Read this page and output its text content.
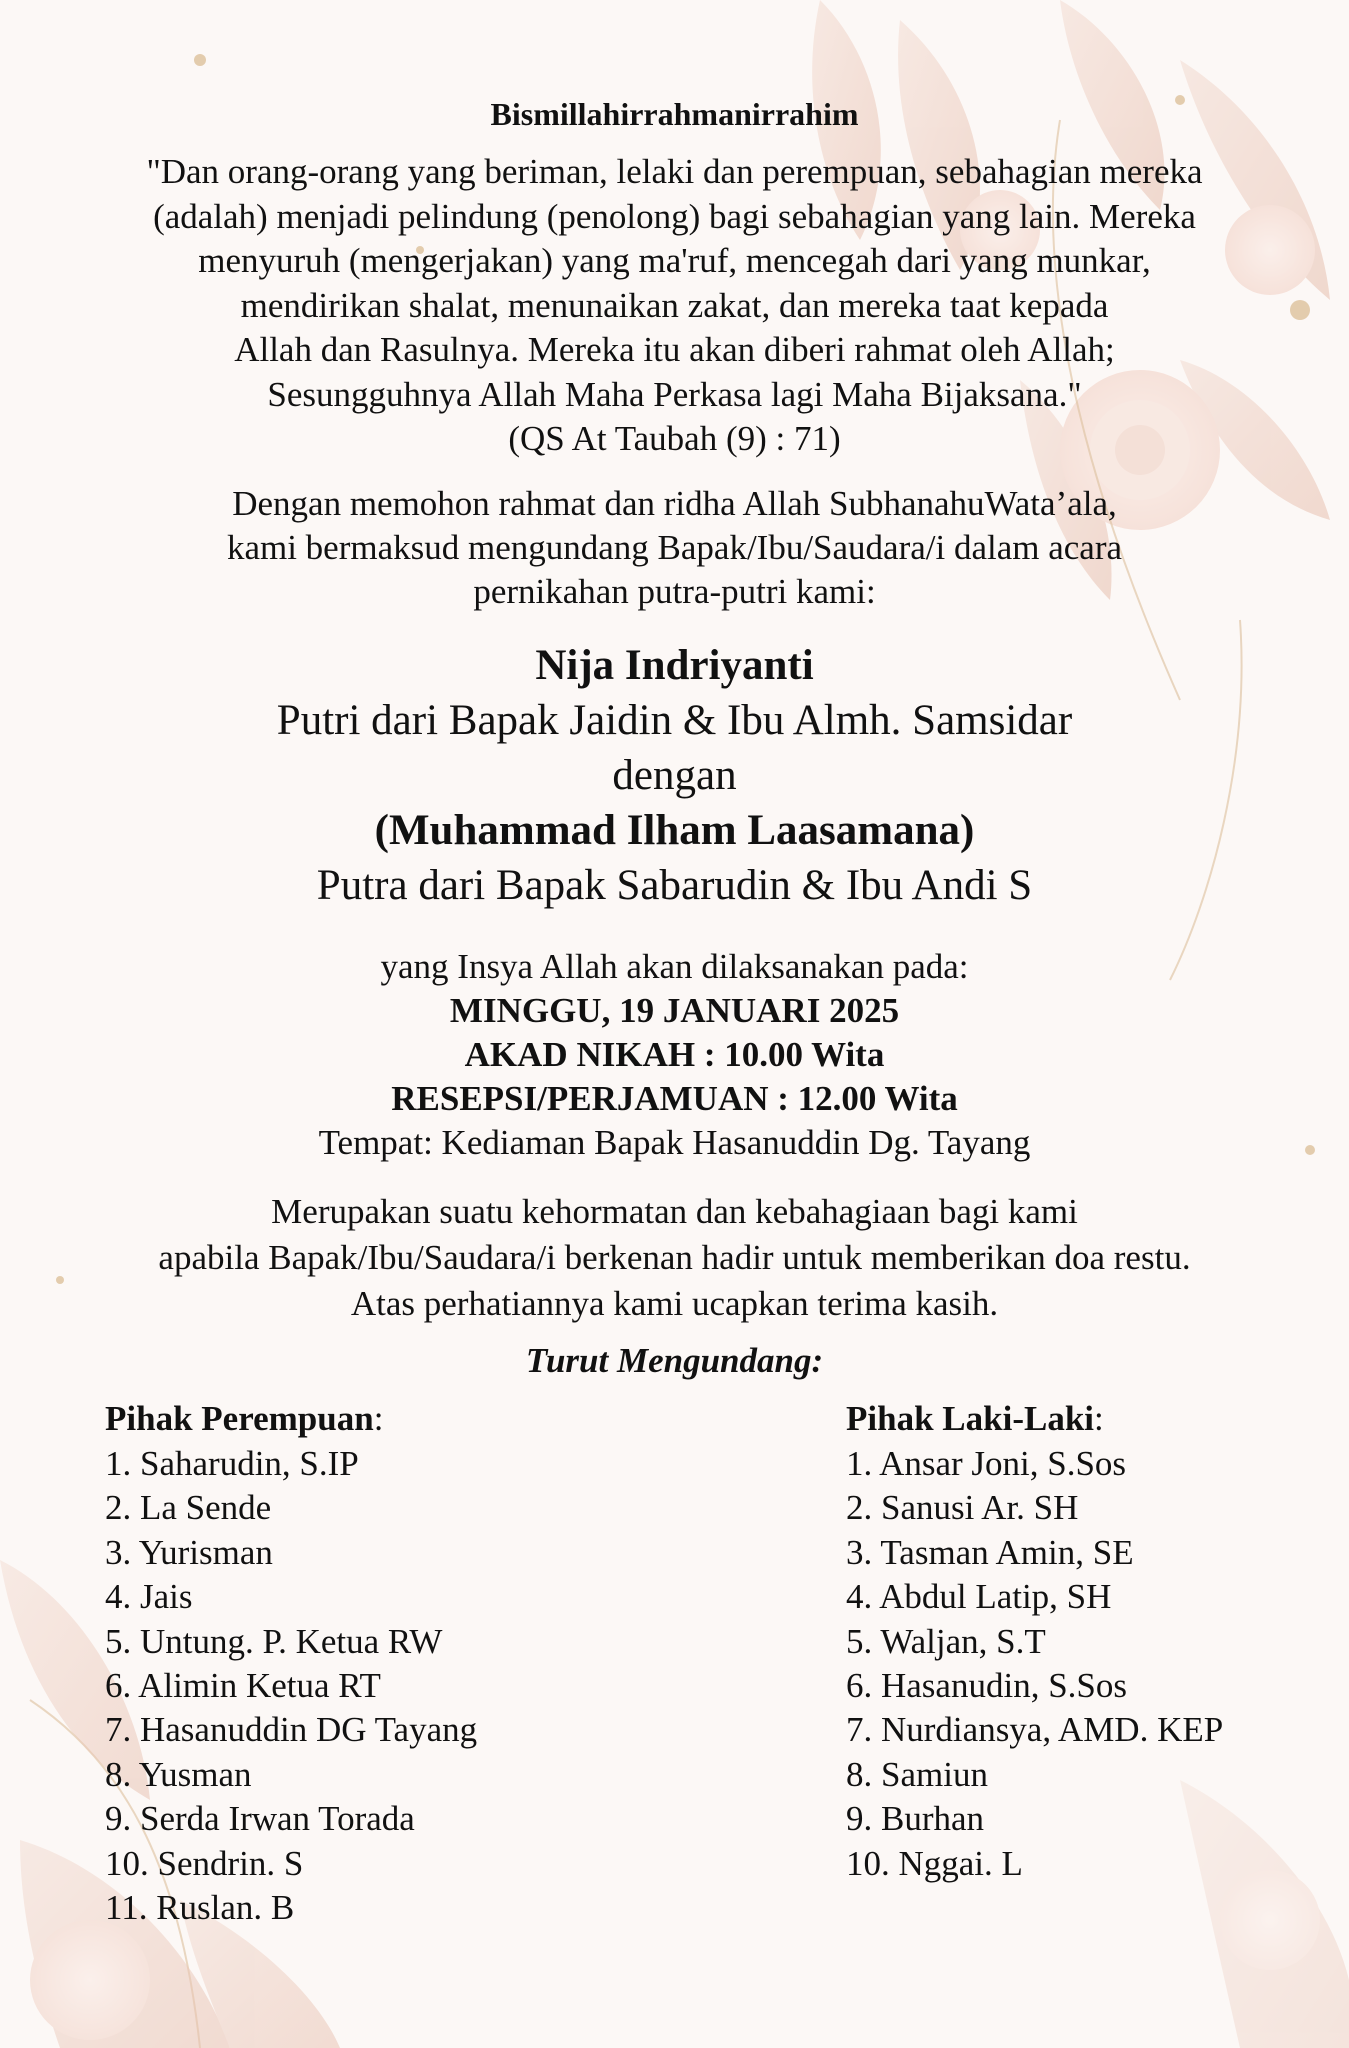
Bismillahirrahmanirrahim
"Dan orang-orang yang beriman, lelaki dan perempuan, sebahagian mereka
(adalah) menjadi pelindung (penolong) bagi sebahagian yang lain. Mereka
menyuruh (mengerjakan) yang ma'ruf, mencegah dari yang munkar,
mendirikan shalat, menunaikan zakat, dan mereka taat kepada
Allah dan Rasulnya. Mereka itu akan diberi rahmat oleh Allah;
Sesungguhnya Allah Maha Perkasa lagi Maha Bijaksana."
(QS At Taubah (9) : 71)
Dengan memohon rahmat dan ridha Allah SubhanahuWata’ala,
kami bermaksud mengundang Bapak/Ibu/Saudara/i dalam acara
pernikahan putra-putri kami:
Nija Indriyanti
Putri dari Bapak Jaidin & Ibu Almh. Samsidar
dengan
(Muhammad Ilham Laasamana)
Putra dari Bapak Sabarudin & Ibu Andi S
yang Insya Allah akan dilaksanakan pada:
MINGGU, 19 JANUARI 2025
AKAD NIKAH : 10.00 Wita
RESEPSI/PERJAMUAN : 12.00 Wita
Tempat: Kediaman Bapak Hasanuddin Dg. Tayang
Merupakan suatu kehormatan dan kebahagiaan bagi kami
apabila Bapak/Ibu/Saudara/i berkenan hadir untuk memberikan doa restu.
Atas perhatiannya kami ucapkan terima kasih.
Turut Mengundang:
Pihak Perempuan:
1. Saharudin, S.IP
2. La Sende
3. Yurisman
4. Jais
5. Untung. P. Ketua RW
6. Alimin Ketua RT
7. Hasanuddin DG Tayang
8. Yusman
9. Serda Irwan Torada
10. Sendrin. S
11. Ruslan. B
Pihak Laki-Laki:
1. Ansar Joni, S.Sos
2. Sanusi Ar. SH
3. Tasman Amin, SE
4. Abdul Latip, SH
5. Waljan, S.T
6. Hasanudin, S.Sos
7. Nurdiansya, AMD. KEP
8. Samiun
9. Burhan
10. Nggai. L
